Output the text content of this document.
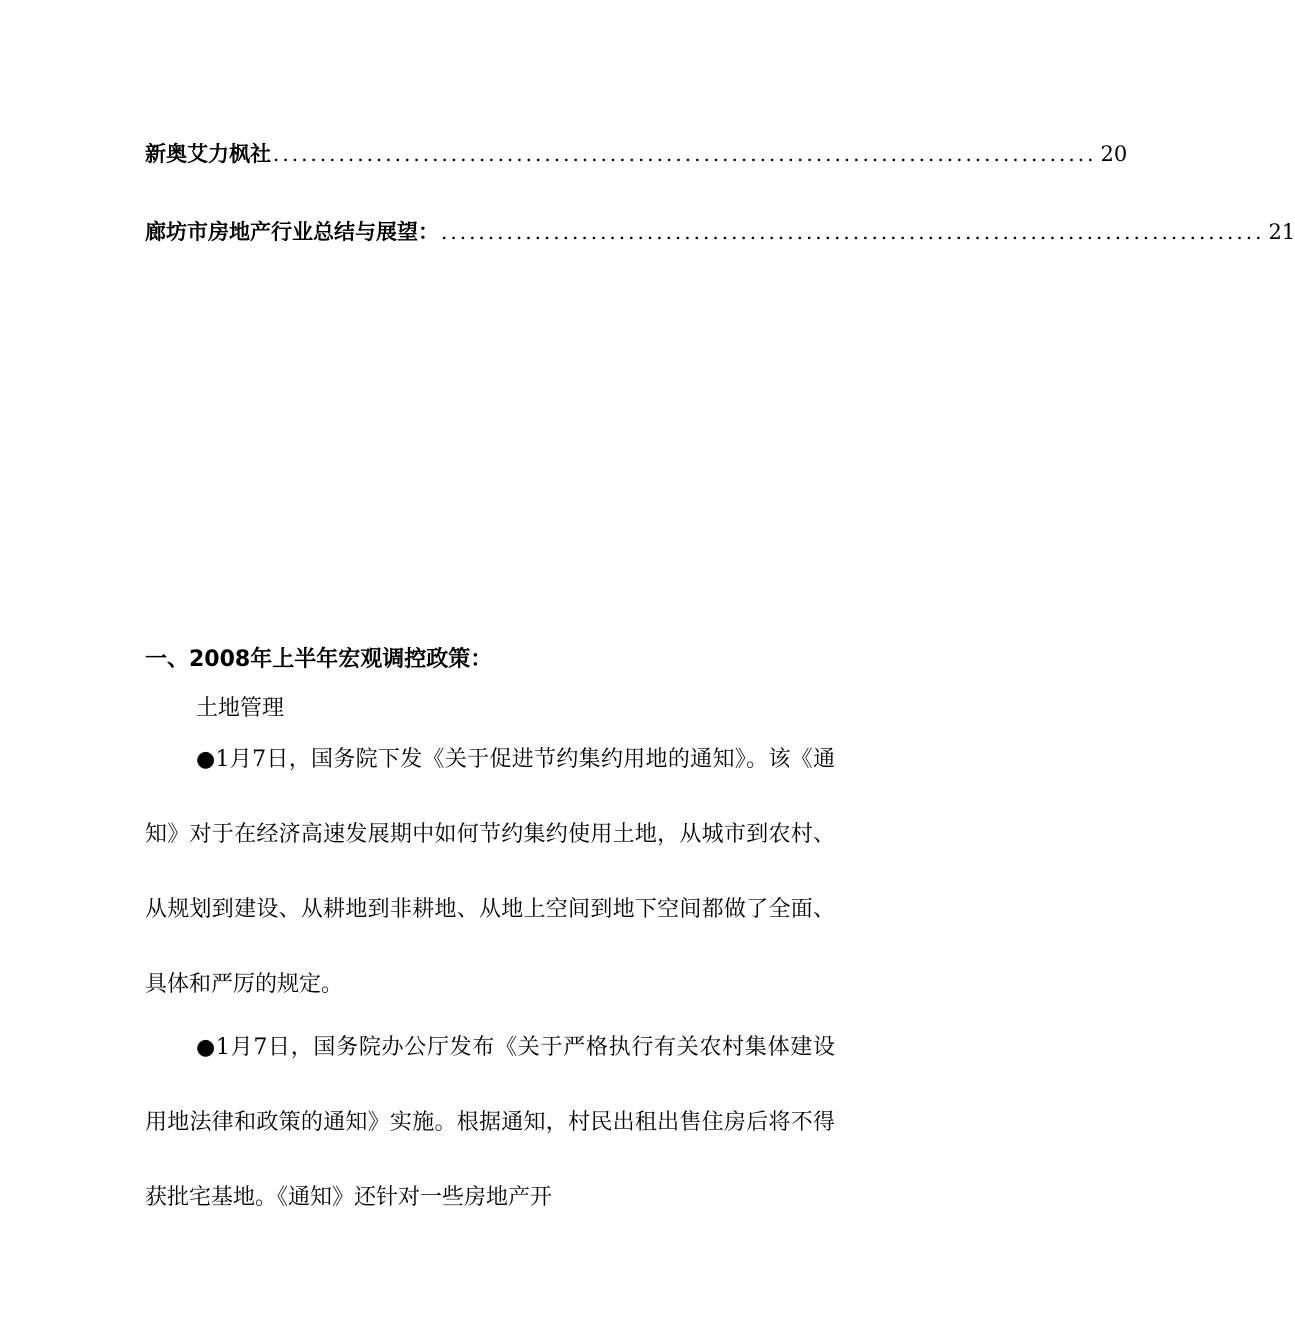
新奥艾力枫社 ........................................................................................ 20
廊坊市房地产行业总结与展望： ........................................................................................ 21
一、2008年上半年宏观调控政策：
土地管理

●1月7日，国务院下发《关于促进节约集约用地的通知》。该《通知》对于在经济高速发展期中如何节约集约使用土地，从城市到农村、从规划到建设、从耕地到非耕地、从地上空间到地下空间都做了全面、具体和严厉的规定。

●1月7日，国务院办公厅发布《关于严格执行有关农村集体建设用地法律和政策的通知》实施。根据通知，村民出租出售住房后将不得获批宅基地。《通知》还针对一些房地产开
